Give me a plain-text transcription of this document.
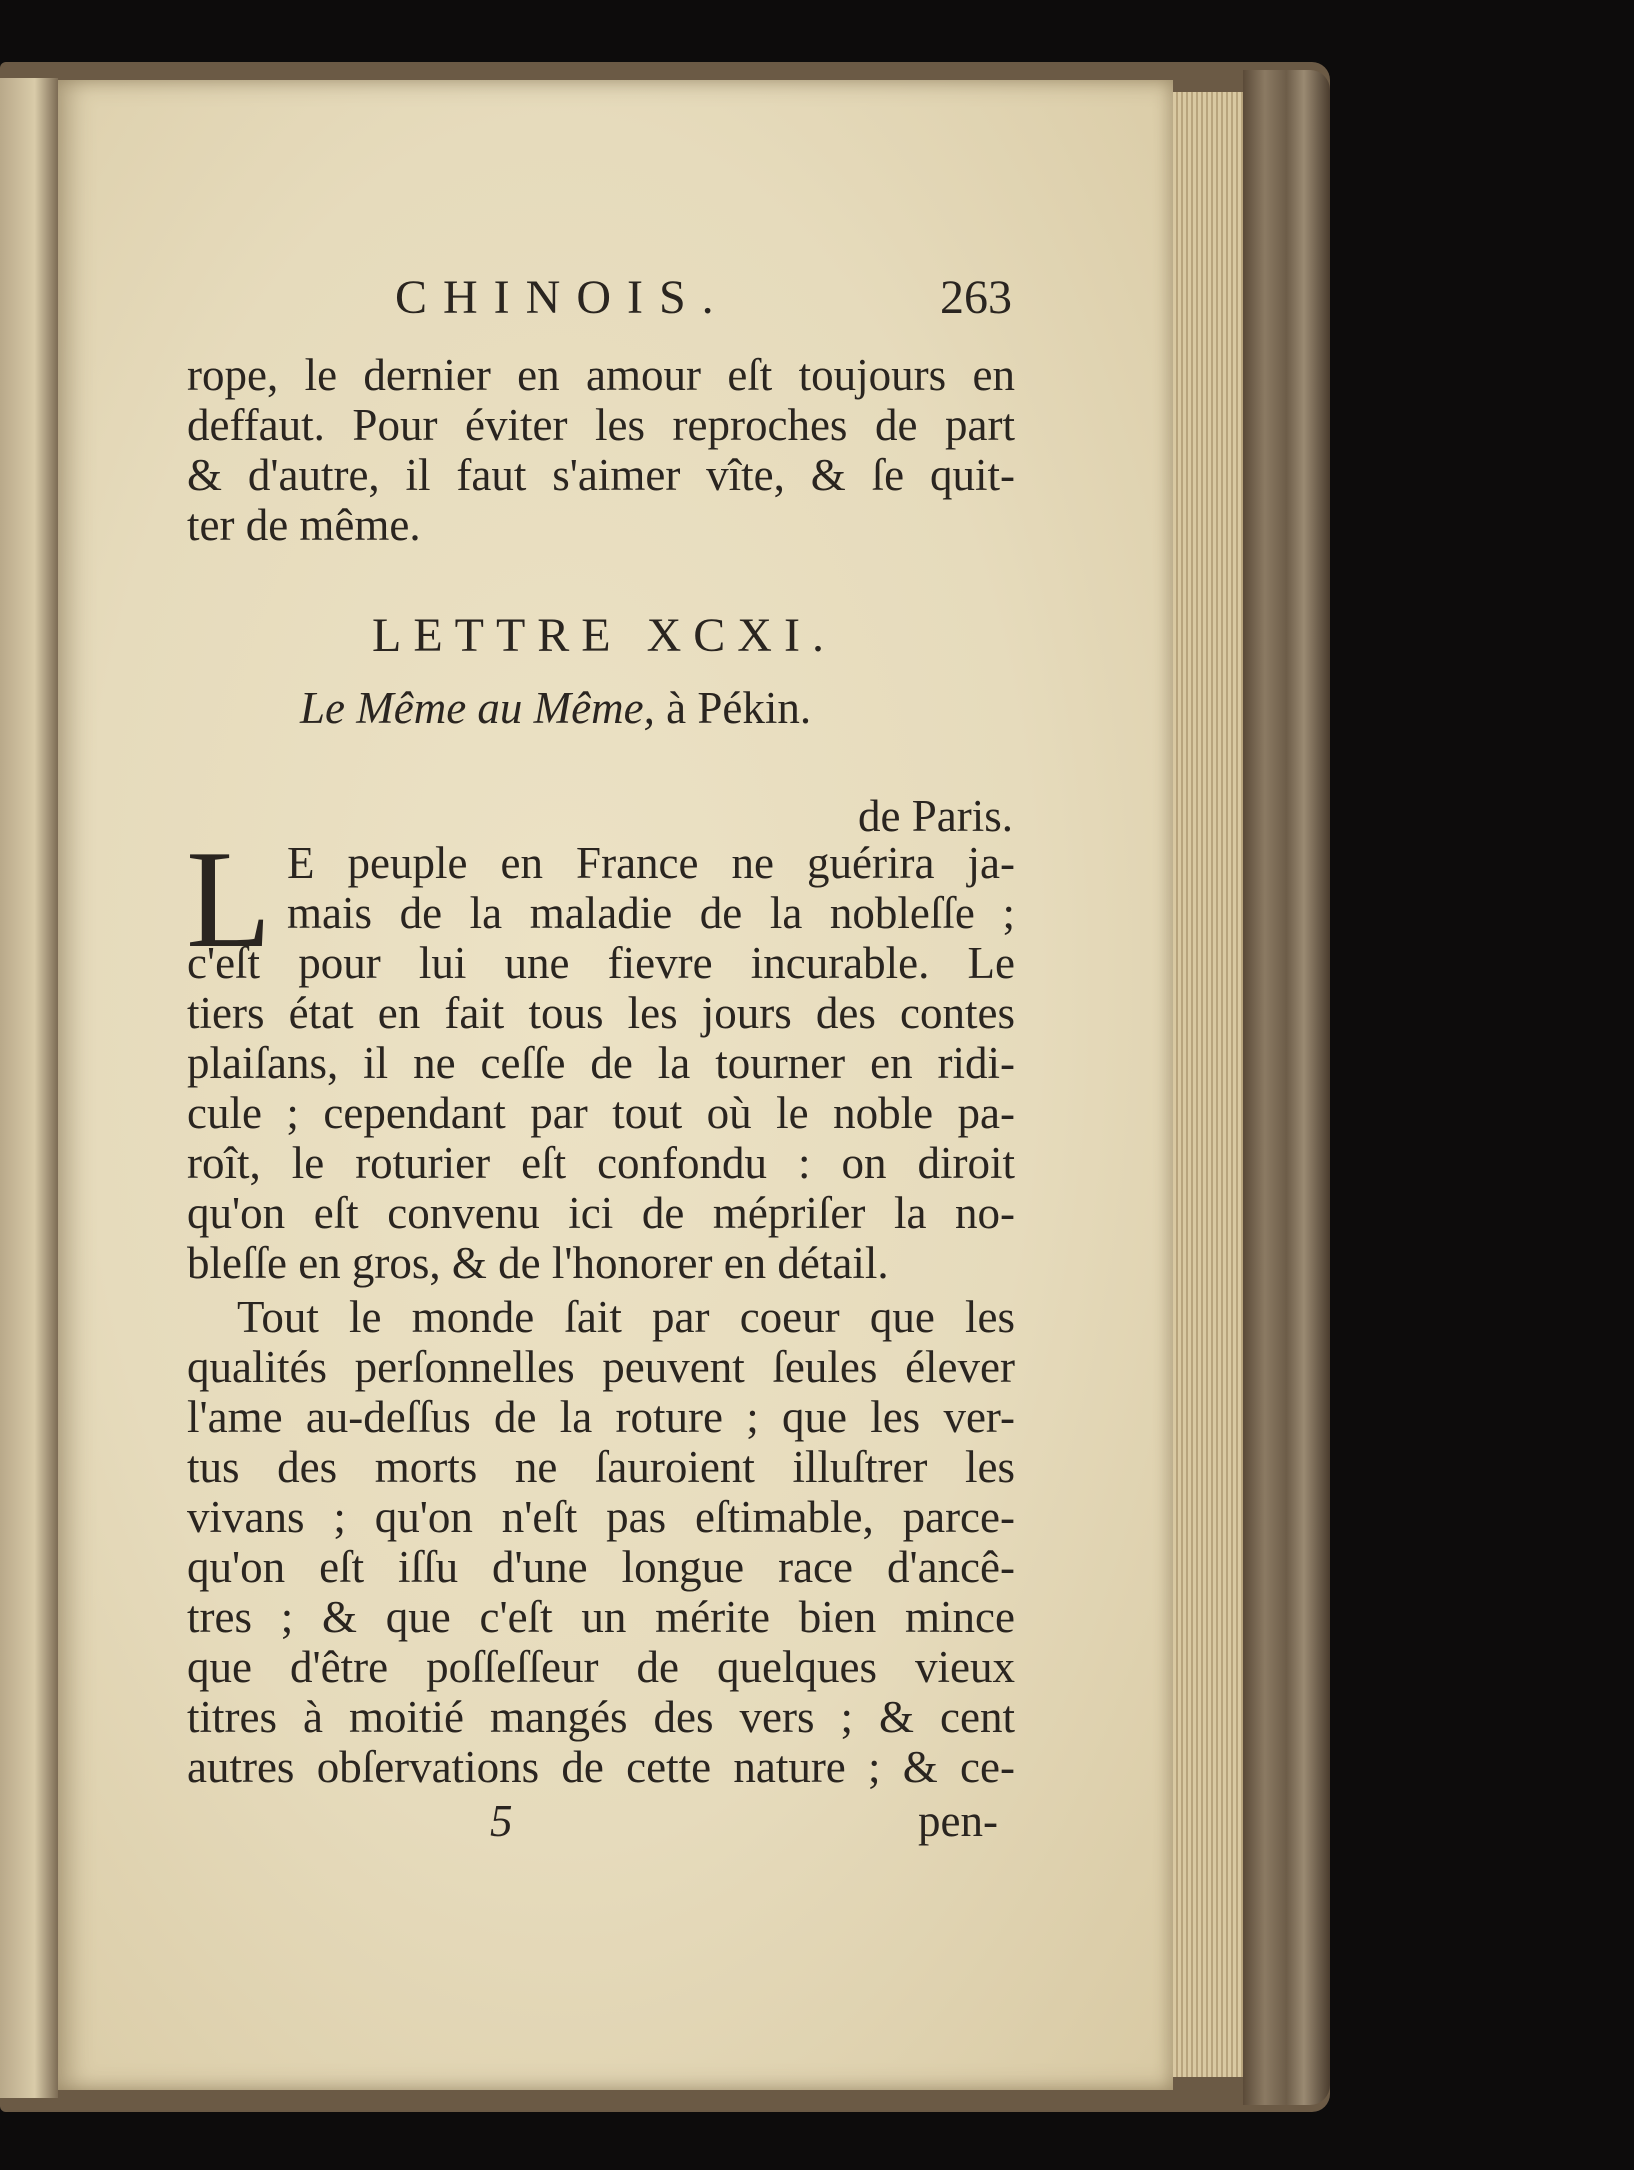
CHINOIS.	263
rope, le dernier en amour eſt toujours en
deffaut. Pour éviter les reproches de part
& d'autre, il faut s'aimer vîte, & ſe quit-
ter de même.
LETTRE XCXI.
Le Même au Même, à Pékin.
de Paris.
L E peuple en France ne guérira ja-
mais de la maladie de la nobleſſe ;
c'eſt pour lui une fievre incurable. Le
tiers état en fait tous les jours des contes
plaiſans, il ne ceſſe de la tourner en ridi-
cule ; cependant par tout où le noble pa-
roît, le roturier eſt confondu : on diroit
qu'on eſt convenu ici de mépriſer la no-
bleſſe en gros, & de l'honorer en détail.
Tout le monde ſait par coeur que les
qualités perſonnelles peuvent ſeules élever
l'ame au-deſſus de la roture ; que les ver-
tus des morts ne ſauroient illuſtrer les
vivans ; qu'on n'eſt pas eſtimable, parce-
qu'on eſt iſſu d'une longue race d'ancê-
tres ; & que c'eſt un mérite bien mince
que d'être poſſeſſeur de quelques vieux
titres à moitié mangés des vers ; & cent
autres obſervations de cette nature ; & ce-
5	pen-
